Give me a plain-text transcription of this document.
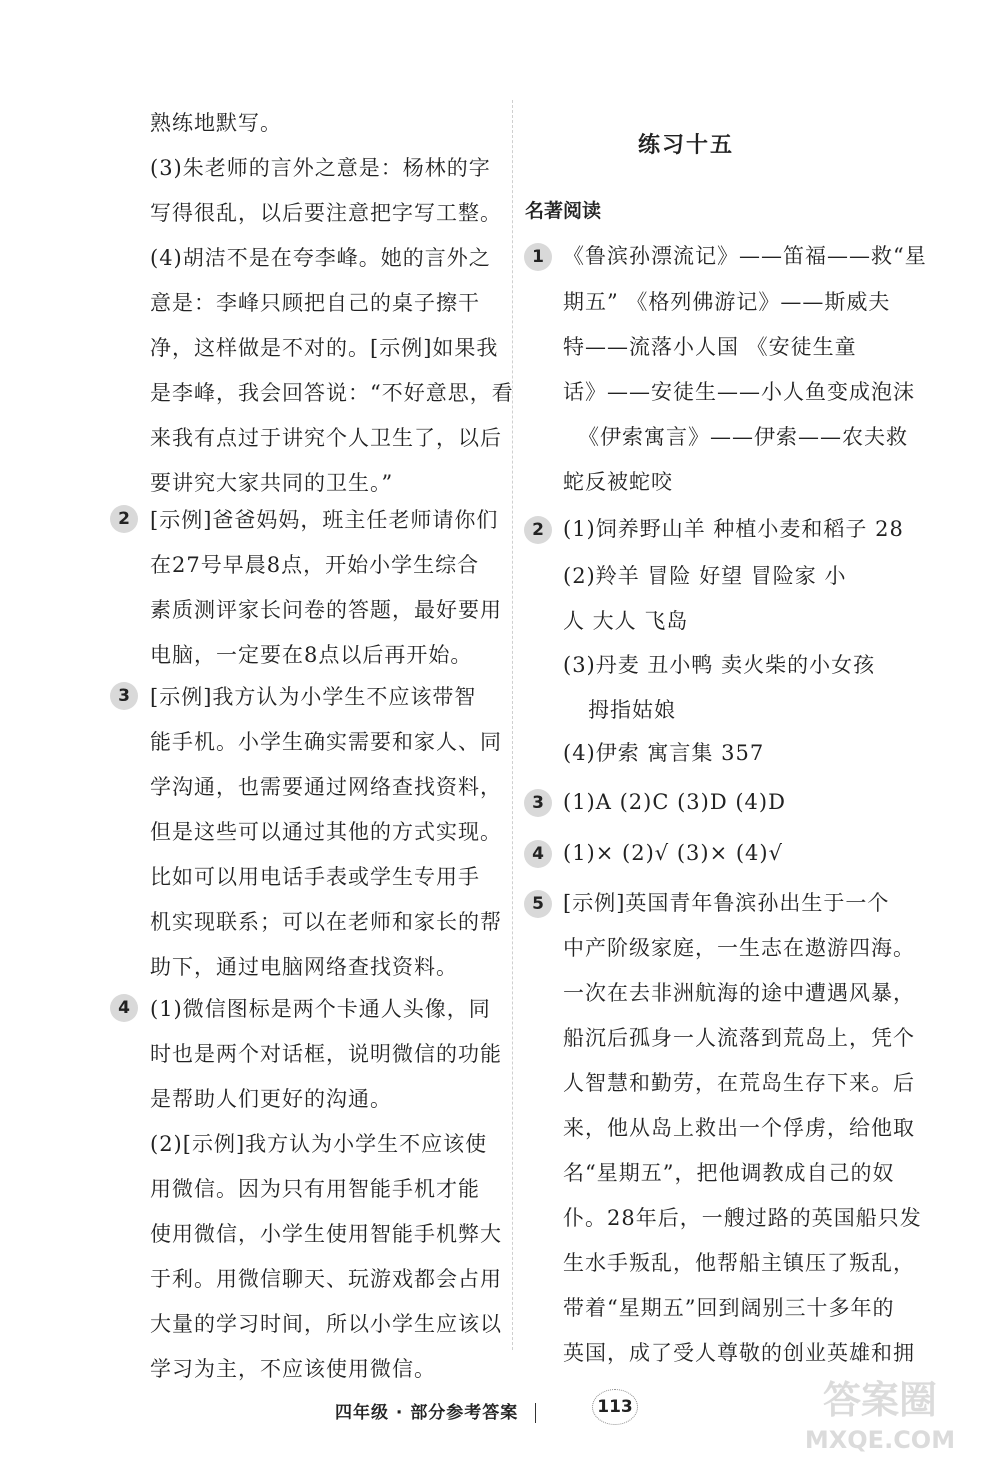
熟练地默写。
(3)朱老师的言外之意是：杨林的字
写得很乱，以后要注意把字写工整。
(4)胡洁不是在夸李峰。她的言外之
意是：李峰只顾把自己的桌子擦干
净，这样做是不对的。[示例]如果我
是李峰，我会回答说：“不好意思，看
来我有点过于讲究个人卫生了，以后
要讲究大家共同的卫生。”
2 [示例]爸爸妈妈，班主任老师请你们
在27号早晨8点，开始小学生综合
素质测评家长问卷的答题，最好要用
电脑，一定要在8点以后再开始。
3 [示例]我方认为小学生不应该带智
能手机。小学生确实需要和家人、同
学沟通，也需要通过网络查找资料，
但是这些可以通过其他的方式实现。
比如可以用电话手表或学生专用手
机实现联系；可以在老师和家长的帮
助下，通过电脑网络查找资料。
4 (1)微信图标是两个卡通人头像，同
时也是两个对话框，说明微信的功能
是帮助人们更好的沟通。
(2)[示例]我方认为小学生不应该使
用微信。因为只有用智能手机才能
使用微信，小学生使用智能手机弊大
于利。用微信聊天、玩游戏都会占用
大量的学习时间，所以小学生应该以
学习为主，不应该使用微信。
练习十五
名著阅读
1 《鲁滨孙漂流记》——笛福——救“星
期五” 《格列佛游记》——斯威夫
特——流落小人国 《安徒生童
话》——安徒生——小人鱼变成泡沫
《伊索寓言》——伊索——农夫救
蛇反被蛇咬
2 (1)饲养野山羊 种植小麦和稻子 28
(2)羚羊 冒险 好望 冒险家 小
人 大人 飞岛
(3)丹麦 丑小鸭 卖火柴的小女孩
拇指姑娘
(4)伊索 寓言集 357
3 (1)A (2)C (3)D (4)D
4 (1)× (2)√ (3)× (4)√
5 [示例]英国青年鲁滨孙出生于一个
中产阶级家庭，一生志在遨游四海。
一次在去非洲航海的途中遭遇风暴，
船沉后孤身一人流落到荒岛上，凭个
人智慧和勤劳，在荒岛生存下来。后
来，他从岛上救出一个俘虏，给他取
名“星期五”，把他调教成自己的奴
仆。28年后，一艘过路的英国船只发
生水手叛乱，他帮船主镇压了叛乱，
带着“星期五”回到阔别三十多年的
英国，成了受人尊敬的创业英雄和拥
四年级 · 部分参考答案	113	答案圈
MXQE.COM
